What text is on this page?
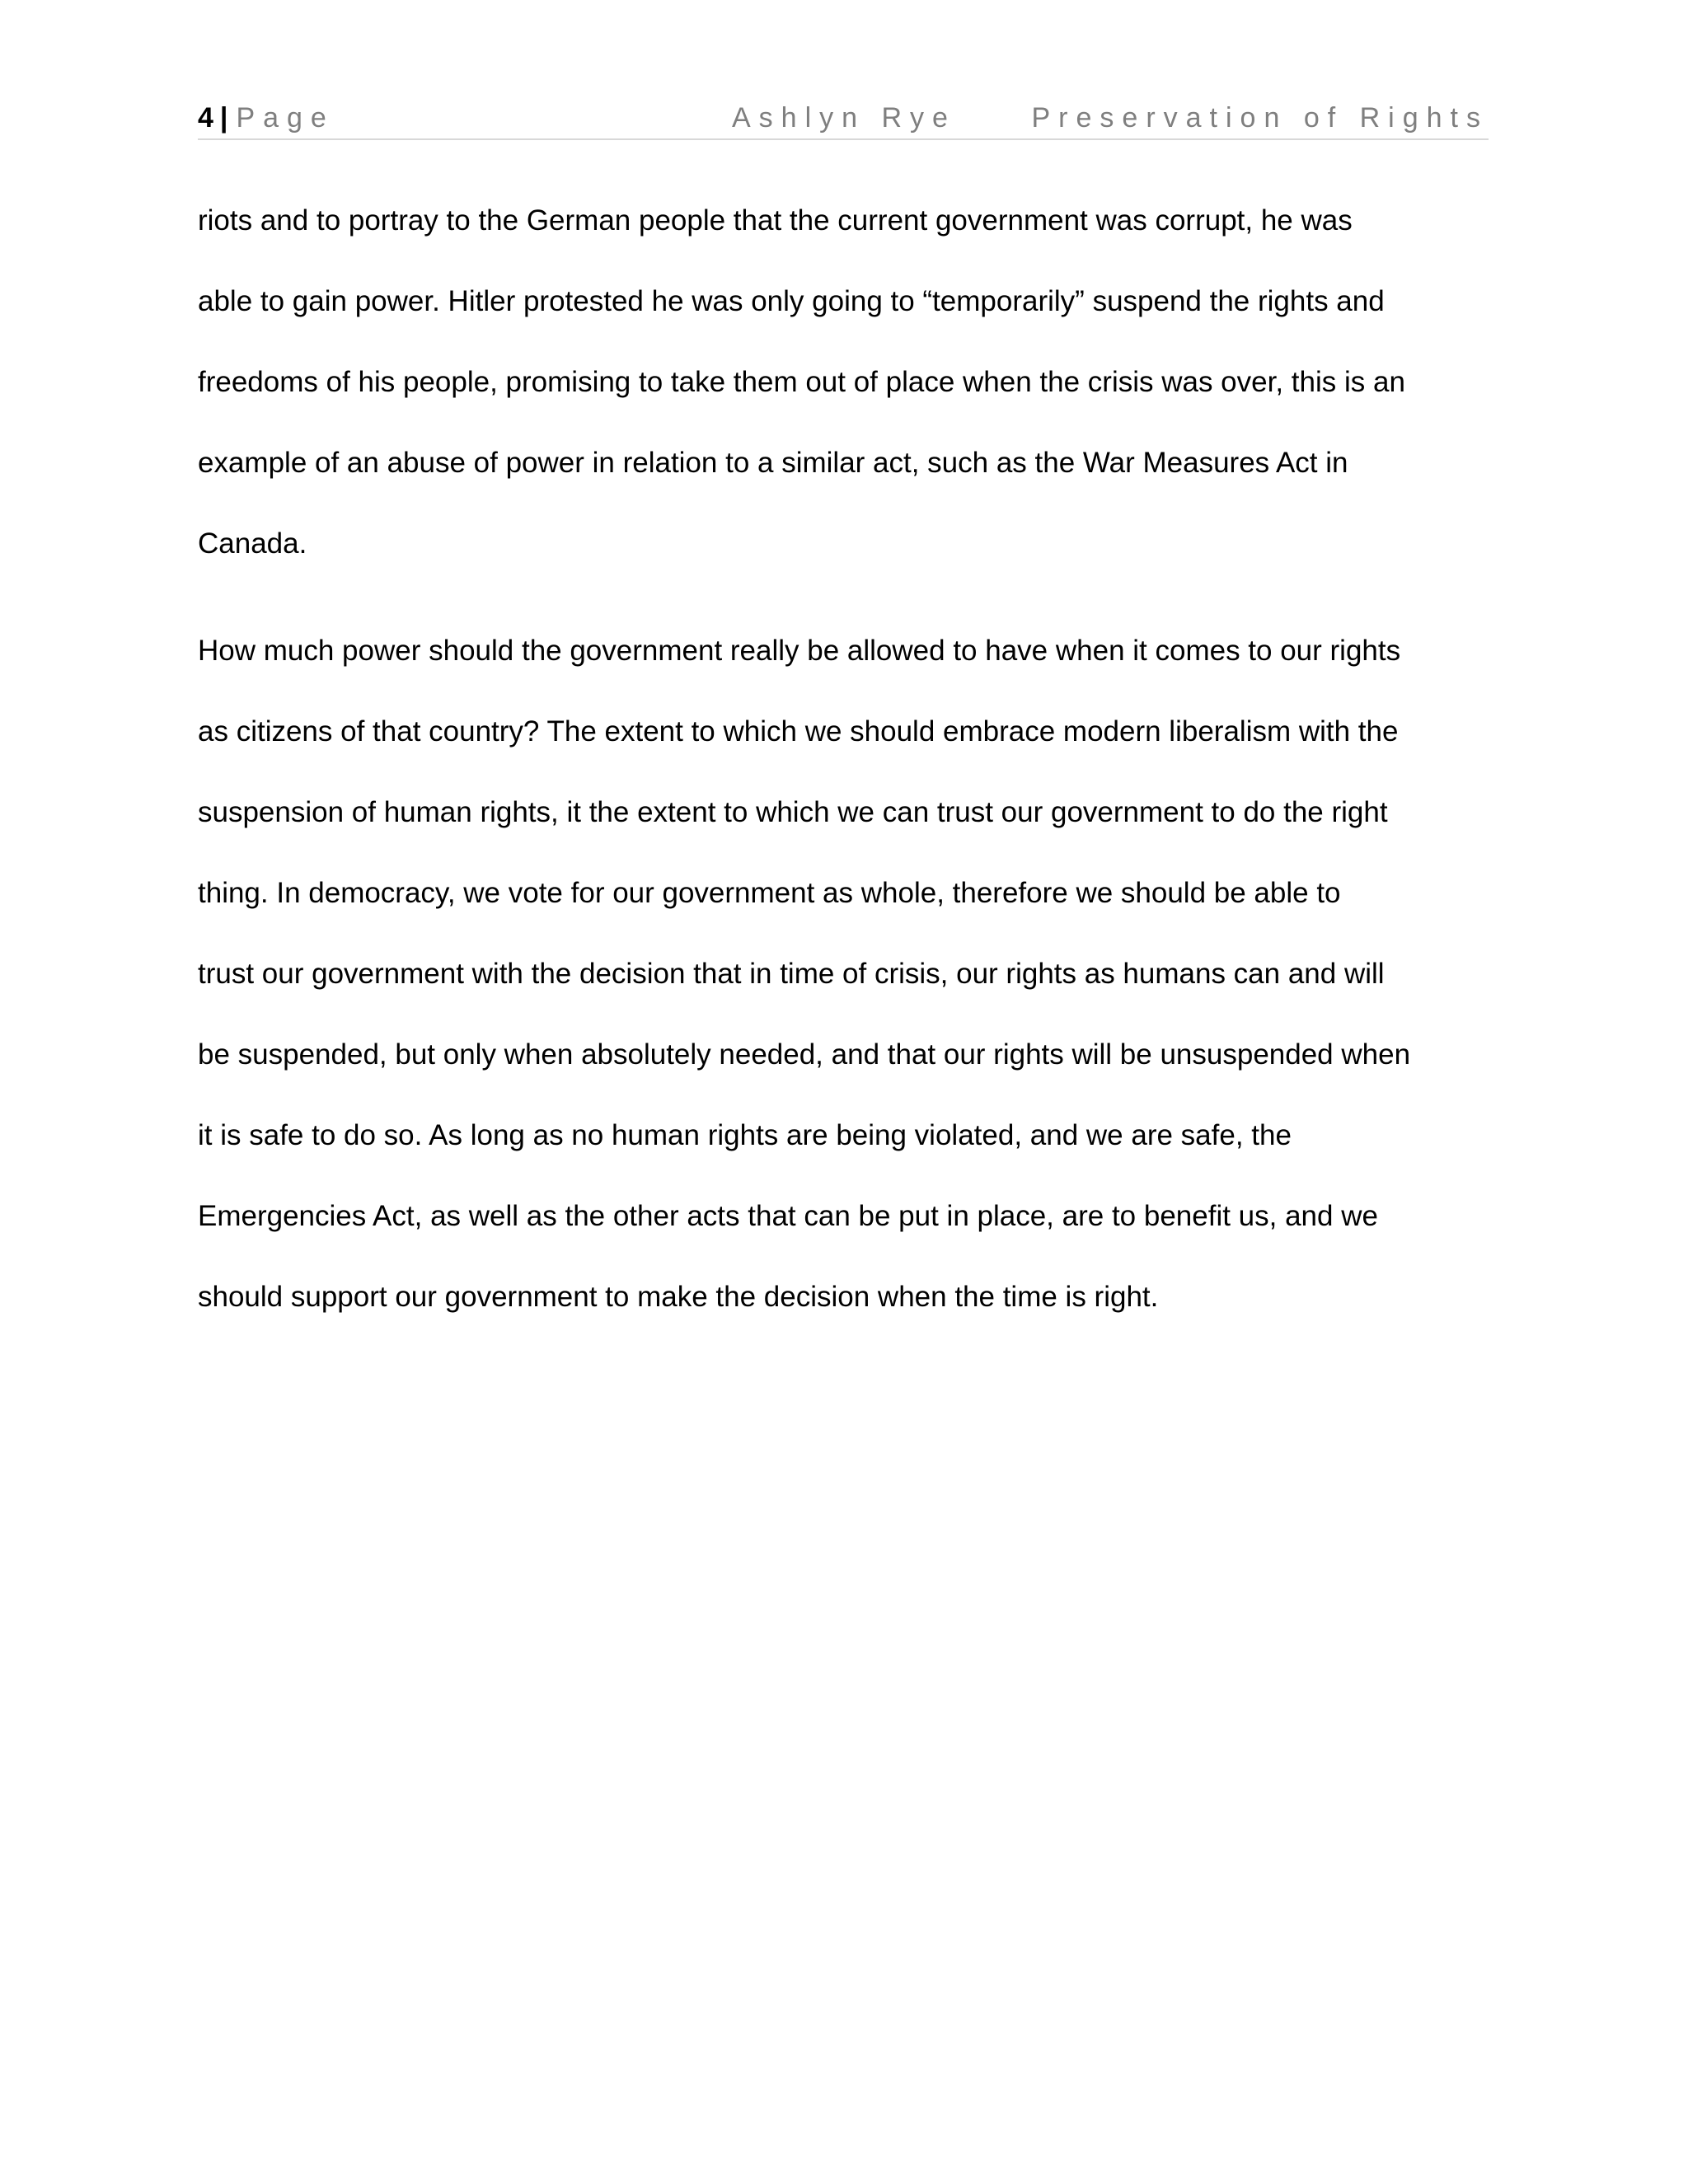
4 | Page	Ashlyn Rye	Preservation of Rights

riots and to portray to the German people that the current government was corrupt, he was
able to gain power. Hitler protested he was only going to “temporarily” suspend the rights and
freedoms of his people, promising to take them out of place when the crisis was over, this is an
example of an abuse of power in relation to a similar act, such as the War Measures Act in
Canada.

How much power should the government really be allowed to have when it comes to our rights
as citizens of that country? The extent to which we should embrace modern liberalism with the
suspension of human rights, it the extent to which we can trust our government to do the right
thing. In democracy, we vote for our government as whole, therefore we should be able to
trust our government with the decision that in time of crisis, our rights as humans can and will
be suspended, but only when absolutely needed, and that our rights will be unsuspended when
it is safe to do so. As long as no human rights are being violated, and we are safe, the
Emergencies Act, as well as the other acts that can be put in place, are to benefit us, and we
should support our government to make the decision when the time is right.
